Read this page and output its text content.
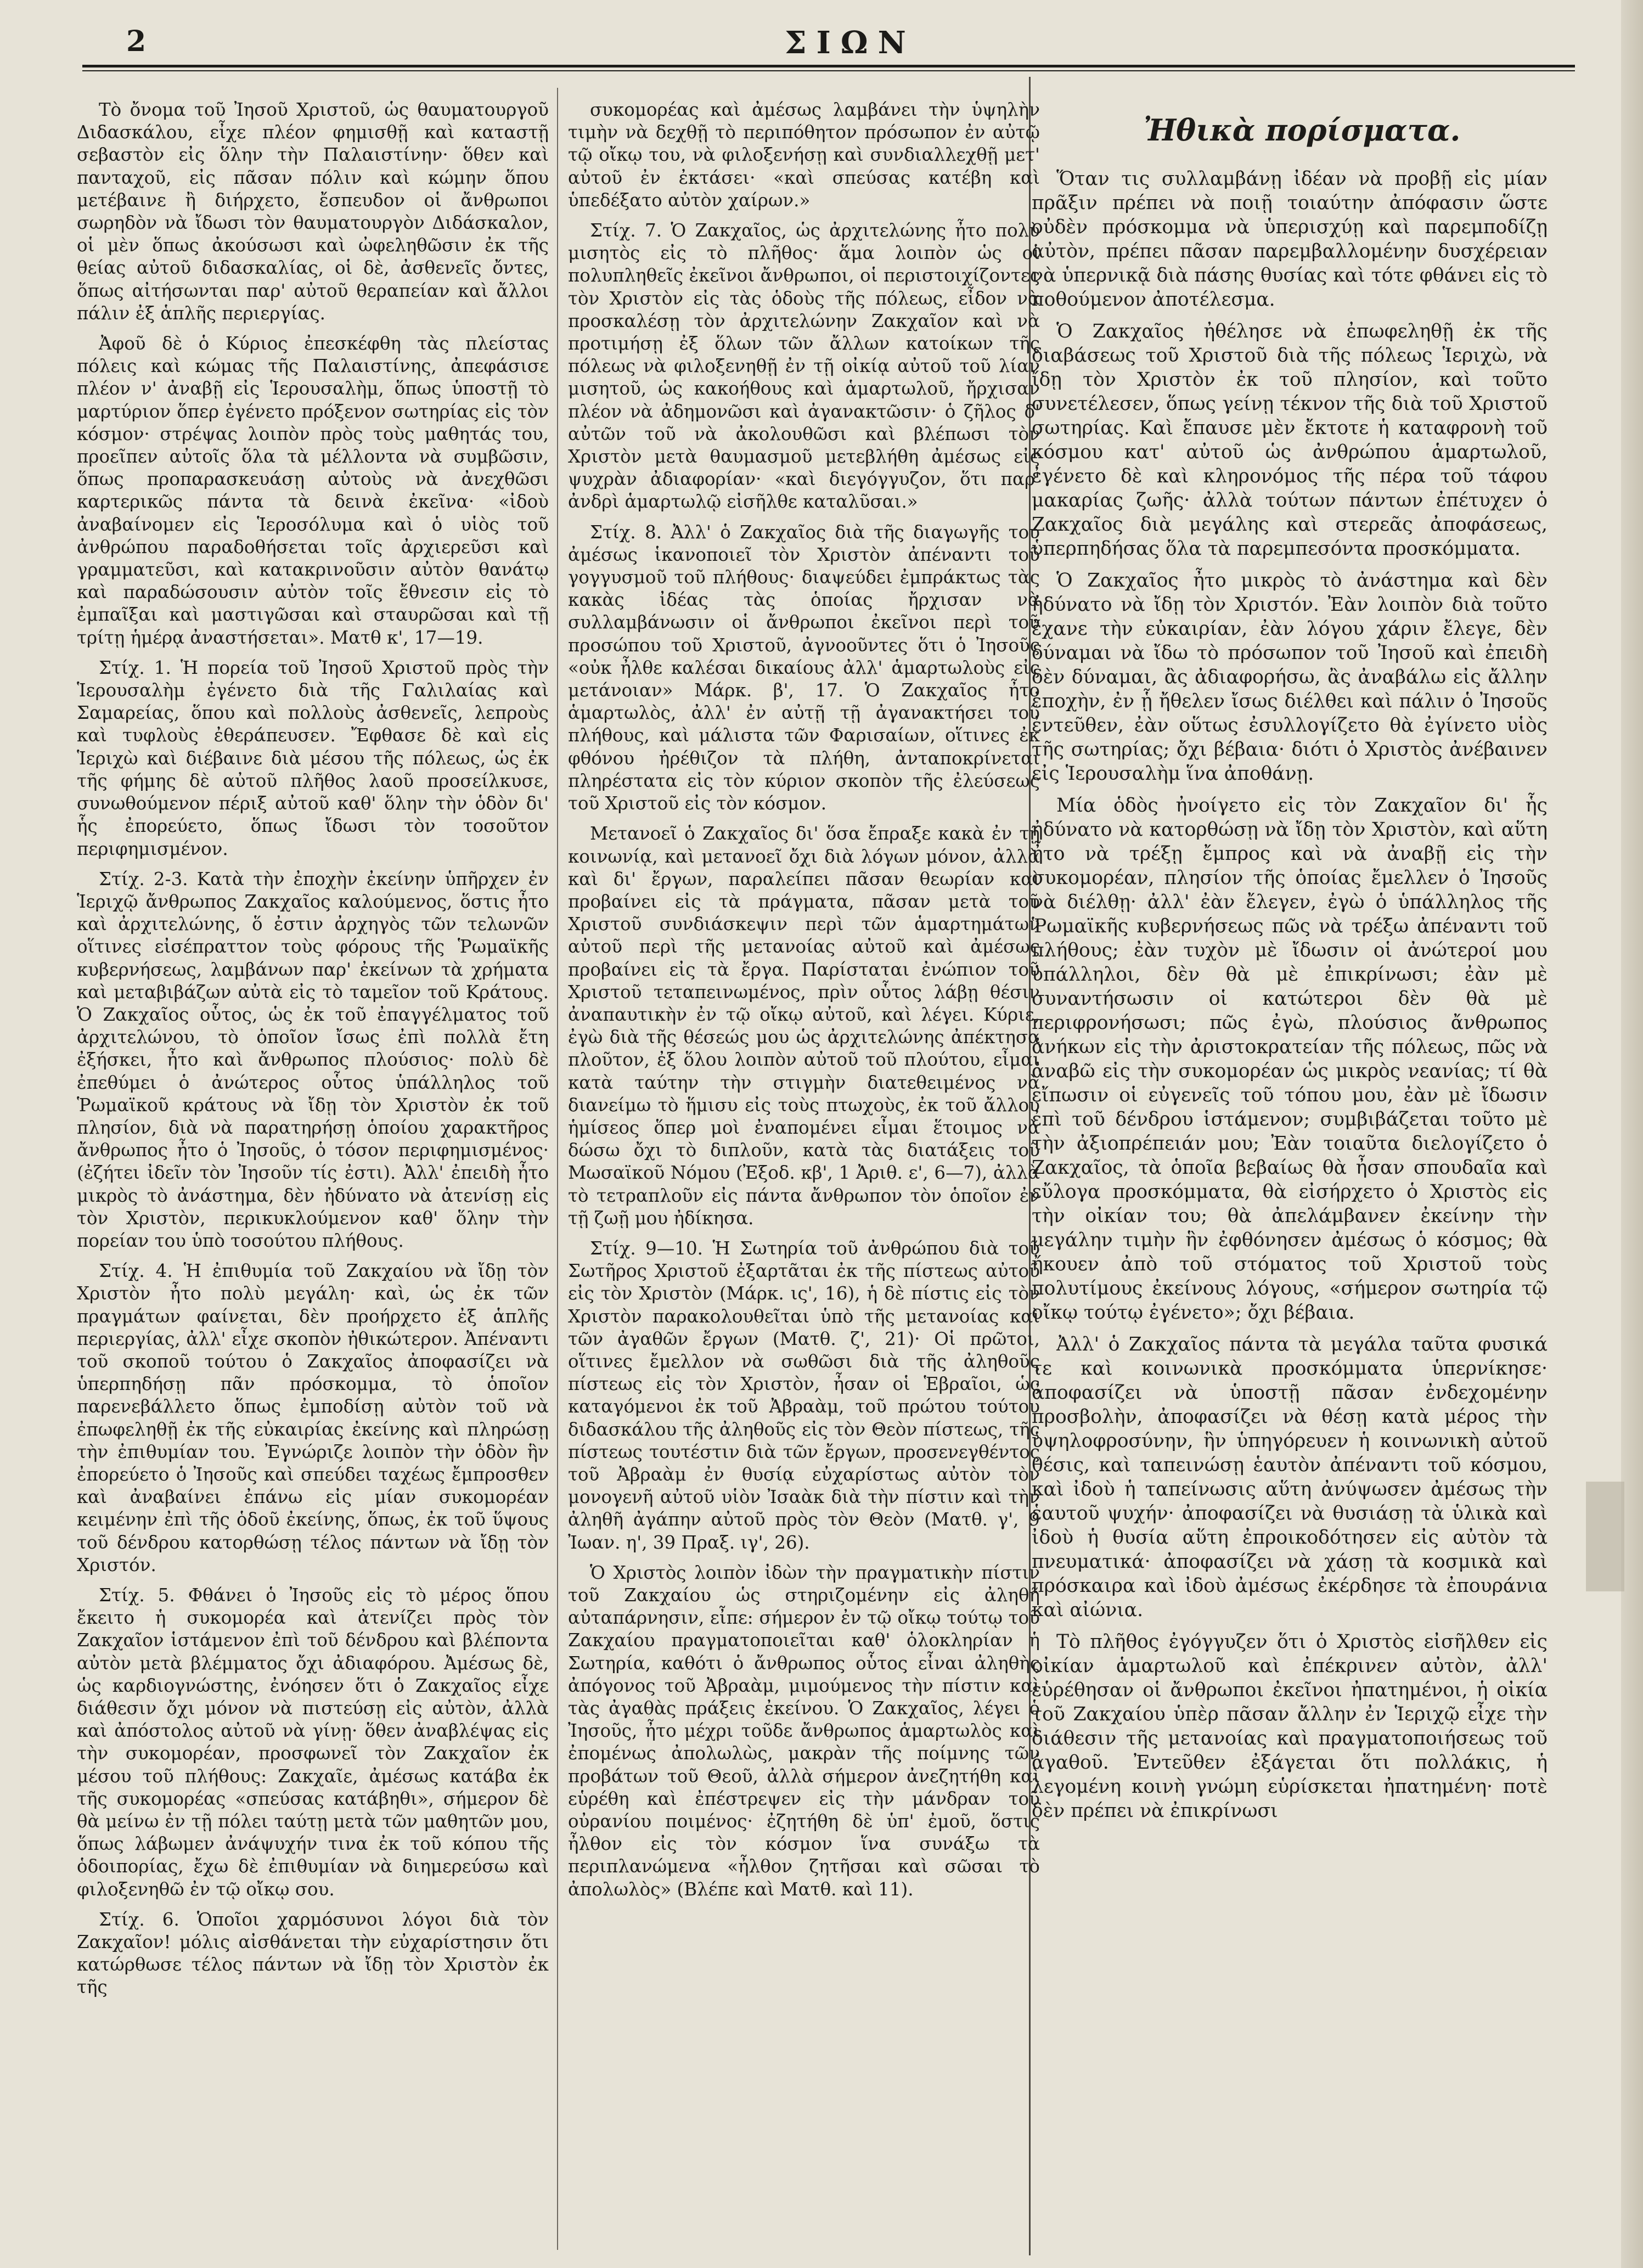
2	ΣΙΩΝ

Τὸ ὄνομα τοῦ Ἰησοῦ Χριστοῦ, ὡς θαυματουργοῦ Διδασκάλου, εἶχε πλέον φημισθῇ καὶ καταστῇ σεβαστὸν εἰς ὅλην τὴν Παλαιστίνην· ὅθεν καὶ πανταχοῦ, εἰς πᾶσαν πόλιν καὶ κώμην ὅπου μετέβαινε ἢ διήρχετο, ἔσπευδον οἱ ἄνθρωποι σωρηδὸν νὰ ἴδωσι τὸν θαυματουργὸν Διδάσκαλον, οἱ μὲν ὅπως ἀκούσωσι καὶ ὠφεληθῶσιν ἐκ τῆς θείας αὐτοῦ διδασκαλίας, οἱ δὲ, ἀσθενεῖς ὄντες, ὅπως αἰτήσωνται παρ' αὐτοῦ θεραπείαν καὶ ἄλλοι πάλιν ἐξ ἁπλῆς περιεργίας.

Ἀφοῦ δὲ ὁ Κύριος ἐπεσκέφθη τὰς πλείστας πόλεις καὶ κώμας τῆς Παλαιστίνης, ἀπεφάσισε πλέον ν' ἀναβῇ εἰς Ἱερουσαλὴμ, ὅπως ὑποστῇ τὸ μαρτύριον ὅπερ ἐγένετο πρόξενον σωτηρίας εἰς τὸν κόσμον· στρέψας λοιπὸν πρὸς τοὺς μαθητάς του, προεῖπεν αὐτοῖς ὅλα τὰ μέλλοντα νὰ συμβῶσιν, ὅπως προπαρασκευάσῃ αὐτοὺς νὰ ἀνεχθῶσι καρτερικῶς πάντα τὰ δεινὰ ἐκεῖνα· «ἰδοὺ ἀναβαίνομεν εἰς Ἱεροσόλυμα καὶ ὁ υἱὸς τοῦ ἀνθρώπου παραδοθήσεται τοῖς ἀρχιερεῦσι καὶ γραμματεῦσι, καὶ κατακρινοῦσιν αὐτὸν θανάτῳ καὶ παραδώσουσιν αὐτὸν τοῖς ἔθνεσιν εἰς τὸ ἐμπαῖξαι καὶ μαστιγῶσαι καὶ σταυρῶσαι καὶ τῇ τρίτῃ ἡμέρᾳ ἀναστήσεται». Ματθ κ', 17—19.

Στίχ. 1. Ἡ πορεία τοῦ Ἰησοῦ Χριστοῦ πρὸς τὴν Ἱερουσαλὴμ ἐγένετο διὰ τῆς Γαλιλαίας καὶ Σαμαρείας, ὅπου καὶ πολλοὺς ἀσθενεῖς, λεπροὺς καὶ τυφλοὺς ἐθεράπευσεν. Ἔφθασε δὲ καὶ εἰς Ἱεριχὼ καὶ διέβαινε διὰ μέσου τῆς πόλεως, ὡς ἐκ τῆς φήμης δὲ αὐτοῦ πλῆθος λαοῦ προσείλκυσε, συνωθούμενον πέριξ αὐτοῦ καθ' ὅλην τὴν ὁδὸν δι' ἧς ἐπορεύετο, ὅπως ἴδωσι τὸν τοσοῦτον περιφημισμένον.

Στίχ. 2-3. Κατὰ τὴν ἐποχὴν ἐκείνην ὑπῆρχεν ἐν Ἱεριχῷ ἄνθρωπος Ζακχαῖος καλούμενος, ὅστις ἦτο καὶ ἀρχιτελώνης, ὅ ἐστιν ἀρχηγὸς τῶν τελωνῶν οἵτινες εἰσέπραττον τοὺς φόρους τῆς Ῥωμαϊκῆς κυβερνήσεως, λαμβάνων παρ' ἐκείνων τὰ χρήματα καὶ μεταβιβάζων αὐτὰ εἰς τὸ ταμεῖον τοῦ Κράτους. Ὁ Ζακχαῖος οὗτος, ὡς ἐκ τοῦ ἐπαγγέλματος τοῦ ἀρχιτελώνου, τὸ ὁποῖον ἴσως ἐπὶ πολλὰ ἔτη ἐξήσκει, ἦτο καὶ ἄνθρωπος πλούσιος· πολὺ δὲ ἐπεθύμει ὁ ἀνώτερος οὗτος ὑπάλληλος τοῦ Ῥωμαϊκοῦ κράτους νὰ ἴδῃ τὸν Χριστὸν ἐκ τοῦ πλησίον, διὰ νὰ παρατηρήσῃ ὁποίου χαρακτῆρος ἄνθρωπος ἦτο ὁ Ἰησοῦς, ὁ τόσον περιφημισμένος· (ἐζήτει ἰδεῖν τὸν Ἰησοῦν τίς ἐστι). Ἀλλ' ἐπειδὴ ἦτο μικρὸς τὸ ἀνάστημα, δὲν ἠδύνατο νὰ ἀτενίσῃ εἰς τὸν Χριστὸν, περικυκλούμενον καθ' ὅλην τὴν πορείαν του ὑπὸ τοσούτου πλήθους.

Στίχ. 4. Ἡ ἐπιθυμία τοῦ Ζακχαίου νὰ ἴδῃ τὸν Χριστὸν ἦτο πολὺ μεγάλη· καὶ, ὡς ἐκ τῶν πραγμάτων φαίνεται, δὲν προήρχετο ἐξ ἁπλῆς περιεργίας, ἀλλ' εἶχε σκοπὸν ἠθικώτερον. Ἀπέναντι τοῦ σκοποῦ τούτου ὁ Ζακχαῖος ἀποφασίζει νὰ ὑπερπηδήσῃ πᾶν πρόσκομμα, τὸ ὁποῖον παρενεβάλλετο ὅπως ἐμποδίσῃ αὐτὸν τοῦ νὰ ἐπωφεληθῇ ἐκ τῆς εὐκαιρίας ἐκείνης καὶ πληρώσῃ τὴν ἐπιθυμίαν του. Ἐγνώριζε λοιπὸν τὴν ὁδὸν ἣν ἐπορεύετο ὁ Ἰησοῦς καὶ σπεύδει ταχέως ἔμπροσθεν καὶ ἀναβαίνει ἐπάνω εἰς μίαν συκομορέαν κειμένην ἐπὶ τῆς ὁδοῦ ἐκείνης, ὅπως, ἐκ τοῦ ὕψους τοῦ δένδρου κατορθώσῃ τέλος πάντων νὰ ἴδῃ τὸν Χριστόν.

Στίχ. 5. Φθάνει ὁ Ἰησοῦς εἰς τὸ μέρος ὅπου ἔκειτο ἡ συκομορέα καὶ ἀτενίζει πρὸς τὸν Ζακχαῖον ἱστάμενον ἐπὶ τοῦ δένδρου καὶ βλέποντα αὐτὸν μετὰ βλέμματος ὄχι ἀδιαφόρου. Ἀμέσως δὲ, ὡς καρδιογνώστης, ἐνόησεν ὅτι ὁ Ζακχαῖος εἶχε διάθεσιν ὄχι μόνον νὰ πιστεύσῃ εἰς αὐτὸν, ἀλλὰ καὶ ἀπόστολος αὐτοῦ νὰ γίνῃ· ὅθεν ἀναβλέψας εἰς τὴν συκομορέαν, προσφωνεῖ τὸν Ζακχαῖον ἐκ μέσου τοῦ πλήθους: Ζακχαῖε, ἀμέσως κατάβα ἐκ τῆς συκομορέας «σπεύσας κατάβηθι», σήμερον δὲ θὰ μείνω ἐν τῇ πόλει ταύτῃ μετὰ τῶν μαθητῶν μου, ὅπως λάβωμεν ἀνάψυχήν τινα ἐκ τοῦ κόπου τῆς ὁδοιπορίας, ἔχω δὲ ἐπιθυμίαν νὰ διημερεύσω καὶ φιλοξενηθῶ ἐν τῷ οἴκῳ σου.

Στίχ. 6. Ὁποῖοι χαρμόσυνοι λόγοι διὰ τὸν Ζακχαῖον! μόλις αἰσθάνεται τὴν εὐχαρίστησιν ὅτι κατώρθωσε τέλος πάντων νὰ ἴδῃ τὸν Χριστὸν ἐκ τῆς

συκομορέας καὶ ἀμέσως λαμβάνει τὴν ὑψηλὴν τιμὴν νὰ δεχθῇ τὸ περιπόθητον πρόσωπον ἐν αὐτῷ τῷ οἴκῳ του, νὰ φιλοξενήσῃ καὶ συνδιαλλεχθῇ μετ' αὐτοῦ ἐν ἐκτάσει· «καὶ σπεύσας κατέβη καὶ ὑπεδέξατο αὐτὸν χαίρων.»

Στίχ. 7. Ὁ Ζακχαῖος, ὡς ἀρχιτελώνης ἦτο πολὺ μισητὸς εἰς τὸ πλῆθος· ἅμα λοιπὸν ὡς οἱ πολυπληθεῖς ἐκεῖνοι ἄνθρωποι, οἱ περιστοιχίζοντες τὸν Χριστὸν εἰς τὰς ὁδοὺς τῆς πόλεως, εἶδον νὰ προσκαλέσῃ τὸν ἀρχιτελώνην Ζακχαῖον καὶ νὰ προτιμήσῃ ἐξ ὅλων τῶν ἄλλων κατοίκων τῆς πόλεως νὰ φιλοξενηθῇ ἐν τῇ οἰκίᾳ αὐτοῦ τοῦ λίαν μισητοῦ, ὡς κακοήθους καὶ ἁμαρτωλοῦ, ἤρχισαν πλέον νὰ ἀδημονῶσι καὶ ἀγανακτῶσιν· ὁ ζῆλος δ' αὐτῶν τοῦ νὰ ἀκολουθῶσι καὶ βλέπωσι τὸν Χριστὸν μετὰ θαυμασμοῦ μετεβλήθη ἀμέσως εἰς ψυχρὰν ἀδιαφορίαν· «καὶ διεγόγγυζον, ὅτι παρ' ἀνδρὶ ἁμαρτωλῷ εἰσῆλθε καταλῦσαι.»

Στίχ. 8. Ἀλλ' ὁ Ζακχαῖος διὰ τῆς διαγωγῆς του ἀμέσως ἱκανοποιεῖ τὸν Χριστὸν ἀπέναντι τοῦ γογγυσμοῦ τοῦ πλήθους· διαψεύδει ἐμπράκτως τὰς κακὰς ἰδέας τὰς ὁποίας ἤρχισαν νὰ συλλαμβάνωσιν οἱ ἄνθρωποι ἐκεῖνοι περὶ τοῦ προσώπου τοῦ Χριστοῦ, ἀγνοοῦντες ὅτι ὁ Ἰησοῦς «οὐκ ἦλθε καλέσαι δικαίους ἀλλ' ἁμαρτωλοὺς εἰς μετάνοιαν» Μάρκ. β', 17. Ὁ Ζακχαῖος ἦτο ἁμαρτωλὸς, ἀλλ' ἐν αὐτῇ τῇ ἀγανακτήσει τοῦ πλήθους, καὶ μάλιστα τῶν Φαρισαίων, οἵτινες ἐκ φθόνου ἠρέθιζον τὰ πλήθη, ἀνταποκρίνεται πληρέστατα εἰς τὸν κύριον σκοπὸν τῆς ἐλεύσεως τοῦ Χριστοῦ εἰς τὸν κόσμον.

Μετανοεῖ ὁ Ζακχαῖος δι' ὅσα ἔπραξε κακὰ ἐν τῇ κοινωνίᾳ, καὶ μετανοεῖ ὄχι διὰ λόγων μόνον, ἀλλὰ καὶ δι' ἔργων, παραλείπει πᾶσαν θεωρίαν καὶ προβαίνει εἰς τὰ πράγματα, πᾶσαν μετὰ τοῦ Χριστοῦ συνδιάσκεψιν περὶ τῶν ἁμαρτημάτων αὐτοῦ περὶ τῆς μετανοίας αὐτοῦ καὶ ἀμέσως προβαίνει εἰς τὰ ἔργα. Παρίσταται ἐνώπιον τοῦ Χριστοῦ τεταπεινωμένος, πρὶν οὗτος λάβῃ θέσιν ἀναπαυτικὴν ἐν τῷ οἴκῳ αὐτοῦ, καὶ λέγει. Κύριε, ἐγὼ διὰ τῆς θέσεώς μου ὡς ἀρχιτελώνης ἀπέκτησα πλοῦτον, ἐξ ὅλου λοιπὸν αὐτοῦ τοῦ πλούτου, εἶμαι κατὰ ταύτην τὴν στιγμὴν διατεθειμένος νὰ διανείμω τὸ ἥμισυ εἰς τοὺς πτωχοὺς, ἐκ τοῦ ἄλλου ἡμίσεος ὅπερ μοὶ ἐναπομένει εἶμαι ἕτοιμος νὰ δώσω ὄχι τὸ διπλοῦν, κατὰ τὰς διατάξεις τοῦ Μωσαϊκοῦ Νόμου (Ἐξοδ. κβ', 1 Ἀριθ. ε', 6—7), ἀλλὰ τὸ τετραπλοῦν εἰς πάντα ἄνθρωπον τὸν ὁποῖον ἐν τῇ ζωῇ μου ἠδίκησα.

Στίχ. 9—10. Ἡ Σωτηρία τοῦ ἀνθρώπου διὰ τοῦ Σωτῆρος Χριστοῦ ἐξαρτᾶται ἐκ τῆς πίστεως αὐτοῦ εἰς τὸν Χριστὸν (Μάρκ. ις', 16), ἡ δὲ πίστις εἰς τὸν Χριστὸν παρακολουθεῖται ὑπὸ τῆς μετανοίας καὶ τῶν ἀγαθῶν ἔργων (Ματθ. ζ', 21)· Οἱ πρῶτοι, οἵτινες ἔμελλον νὰ σωθῶσι διὰ τῆς ἀληθοῦς πίστεως εἰς τὸν Χριστὸν, ἦσαν οἱ Ἑβραῖοι, ὡς καταγόμενοι ἐκ τοῦ Ἀβραὰμ, τοῦ πρώτου τούτου διδασκάλου τῆς ἀληθοῦς εἰς τὸν Θεὸν πίστεως, τῆς πίστεως τουτέστιν διὰ τῶν ἔργων, προσενεγθέντος τοῦ Ἀβραὰμ ἐν θυσίᾳ εὐχαρίστως αὐτὸν τὸν μονογενῆ αὐτοῦ υἱὸν Ἰσαὰκ διὰ τὴν πίστιν καὶ τὴν ἀληθῆ ἀγάπην αὐτοῦ πρὸς τὸν Θεὸν (Ματθ. γ', 9 Ἰωαν. η', 39 Πραξ. ιγ', 26).

Ὁ Χριστὸς λοιπὸν ἰδὼν τὴν πραγματικὴν πίστιν τοῦ Ζακχαίου ὡς στηριζομένην εἰς ἀληθῆ αὐταπάρνησιν, εἶπε: σήμερον ἐν τῷ οἴκῳ τούτῳ τοῦ Ζακχαίου πραγματοποιεῖται καθ' ὁλοκληρίαν ἡ Σωτηρία, καθότι ὁ ἄνθρωπος οὗτος εἶναι ἀληθὴς ἀπόγονος τοῦ Ἀβραὰμ, μιμούμενος τὴν πίστιν καὶ τὰς ἀγαθὰς πράξεις ἐκείνου. Ὁ Ζακχαῖος, λέγει ὁ Ἰησοῦς, ἦτο μέχρι τοῦδε ἄνθρωπος ἁμαρτωλὸς καὶ ἐπομένως ἀπολωλὼς, μακρὰν τῆς ποίμνης τῶν προβάτων τοῦ Θεοῦ, ἀλλὰ σήμερον ἀνεζητήθη καὶ εὑρέθη καὶ ἐπέστρεψεν εἰς τὴν μάνδραν τοῦ οὐρανίου ποιμένος· ἐζητήθη δὲ ὑπ' ἐμοῦ, ὅστις ἦλθον εἰς τὸν κόσμον ἵνα συνάξω τὰ περιπλανώμενα «ἦλθον ζητῆσαι καὶ σῶσαι τὸ ἀπολωλὸς» (Βλέπε καὶ Ματθ. καὶ 11).

Ἠθικὰ πορίσματα.

Ὅταν τις συλλαμβάνῃ ἰδέαν νὰ προβῇ εἰς μίαν πρᾶξιν πρέπει νὰ ποιῇ τοιαύτην ἀπόφασιν ὥστε οὐδὲν πρόσκομμα νὰ ὑπερισχύῃ καὶ παρεμποδίζῃ αὐτὸν, πρέπει πᾶσαν παρεμβαλλομένην δυσχέρειαν νὰ ὑπερνικᾷ διὰ πάσης θυσίας καὶ τότε φθάνει εἰς τὸ ποθούμενον ἀποτέλεσμα.

Ὁ Ζακχαῖος ἠθέλησε νὰ ἐπωφεληθῇ ἐκ τῆς διαβάσεως τοῦ Χριστοῦ διὰ τῆς πόλεως Ἱεριχὼ, νὰ ἴδῃ τὸν Χριστὸν ἐκ τοῦ πλησίον, καὶ τοῦτο συνετέλεσεν, ὅπως γείνῃ τέκνον τῆς διὰ τοῦ Χριστοῦ σωτηρίας. Καὶ ἔπαυσε μὲν ἔκτοτε ἡ καταφρονὴ τοῦ κόσμου κατ' αὐτοῦ ὡς ἀνθρώπου ἁμαρτωλοῦ, ἐγένετο δὲ καὶ κληρονόμος τῆς πέρα τοῦ τάφου μακαρίας ζωῆς· ἀλλὰ τούτων πάντων ἐπέτυχεν ὁ Ζακχαῖος διὰ μεγάλης καὶ στερεᾶς ἀποφάσεως, ὑπερπηδήσας ὅλα τὰ παρεμπεσόντα προσκόμματα.

Ὁ Ζακχαῖος ἦτο μικρὸς τὸ ἀνάστημα καὶ δὲν ἠδύνατο νὰ ἴδῃ τὸν Χριστόν. Ἐὰν λοιπὸν διὰ τοῦτο ἔχανε τὴν εὐκαιρίαν, ἐὰν λόγου χάριν ἔλεγε, δὲν δύναμαι νὰ ἴδω τὸ πρόσωπον τοῦ Ἰησοῦ καὶ ἐπειδὴ δὲν δύναμαι, ἂς ἀδιαφορήσω, ἂς ἀναβάλω εἰς ἄλλην ἐποχὴν, ἐν ᾗ ἤθελεν ἴσως διέλθει καὶ πάλιν ὁ Ἰησοῦς ἐντεῦθεν, ἐὰν οὕτως ἐσυλλογίζετο θὰ ἐγίνετο υἱὸς τῆς σωτηρίας; ὄχι βέβαια· διότι ὁ Χριστὸς ἀνέβαινεν εἰς Ἱερουσαλὴμ ἵνα ἀποθάνῃ.

Μία ὁδὸς ἠνοίγετο εἰς τὸν Ζακχαῖον δι' ἧς ἠδύνατο νὰ κατορθώσῃ νὰ ἴδῃ τὸν Χριστὸν, καὶ αὕτη ἦτο νὰ τρέξῃ ἔμπρος καὶ νὰ ἀναβῇ εἰς τὴν συκομορέαν, πλησίον τῆς ὁποίας ἔμελλεν ὁ Ἰησοῦς νὰ διέλθῃ· ἀλλ' ἐὰν ἔλεγεν, ἐγὼ ὁ ὑπάλληλος τῆς Ῥωμαϊκῆς κυβερνήσεως πῶς νὰ τρέξω ἀπέναντι τοῦ πλήθους; ἐὰν τυχὸν μὲ ἴδωσιν οἱ ἀνώτεροί μου ὑπάλληλοι, δὲν θὰ μὲ ἐπικρίνωσι; ἐὰν μὲ συναντήσωσιν οἱ κατώτεροι δὲν θὰ μὲ περιφρονήσωσι; πῶς ἐγὼ, πλούσιος ἄνθρωπος ἀνήκων εἰς τὴν ἀριστοκρατείαν τῆς πόλεως, πῶς νὰ ἀναβῶ εἰς τὴν συκομορέαν ὡς μικρὸς νεανίας; τί θὰ εἴπωσιν οἱ εὐγενεῖς τοῦ τόπου μου, ἐὰν μὲ ἴδωσιν ἐπὶ τοῦ δένδρου ἱστάμενον; συμβιβάζεται τοῦτο μὲ τὴν ἀξιοπρέπειάν μου; Ἐὰν τοιαῦτα διελογίζετο ὁ Ζακχαῖος, τὰ ὁποῖα βεβαίως θὰ ἦσαν σπουδαῖα καὶ εὔλογα προσκόμματα, θὰ εἰσήρχετο ὁ Χριστὸς εἰς τὴν οἰκίαν του; θὰ ἀπελάμβανεν ἐκείνην τὴν μεγάλην τιμὴν ἣν ἐφθόνησεν ἀμέσως ὁ κόσμος; θὰ ἤκουεν ἀπὸ τοῦ στόματος τοῦ Χριστοῦ τοὺς πολυτίμους ἐκείνους λόγους, «σήμερον σωτηρία τῷ οἴκῳ τούτῳ ἐγένετο»; ὄχι βέβαια.

Ἀλλ' ὁ Ζακχαῖος πάντα τὰ μεγάλα ταῦτα φυσικά τε καὶ κοινωνικὰ προσκόμματα ὑπερνίκησε· ἀποφασίζει νὰ ὑποστῇ πᾶσαν ἐνδεχομένην προσβολὴν, ἀποφασίζει νὰ θέσῃ κατὰ μέρος τὴν ὑψηλοφροσύνην, ἣν ὑπηγόρευεν ἡ κοινωνικὴ αὐτοῦ θέσις, καὶ ταπεινώσῃ ἑαυτὸν ἀπέναντι τοῦ κόσμου, καὶ ἰδοὺ ἡ ταπείνωσις αὕτη ἀνύψωσεν ἀμέσως τὴν ἑαυτοῦ ψυχήν· ἀποφασίζει νὰ θυσιάσῃ τὰ ὑλικὰ καὶ ἰδοὺ ἡ θυσία αὕτη ἐπροικοδότησεν εἰς αὐτὸν τὰ πνευματικά· ἀποφασίζει νὰ χάσῃ τὰ κοσμικὰ καὶ πρόσκαιρα καὶ ἰδοὺ ἀμέσως ἐκέρδησε τὰ ἐπουράνια καὶ αἰώνια.

Τὸ πλῆθος ἐγόγγυζεν ὅτι ὁ Χριστὸς εἰσῆλθεν εἰς οἰκίαν ἁμαρτωλοῦ καὶ ἐπέκρινεν αὐτὸν, ἀλλ' εὑρέθησαν οἱ ἄνθρωποι ἐκεῖνοι ἠπατημένοι, ἡ οἰκία τοῦ Ζακχαίου ὑπὲρ πᾶσαν ἄλλην ἐν Ἱεριχῷ εἶχε τὴν διάθεσιν τῆς μετανοίας καὶ πραγματοποιήσεως τοῦ ἀγαθοῦ. Ἐντεῦθεν ἐξάγεται ὅτι πολλάκις, ἡ λεγομένη κοινὴ γνώμη εὑρίσκεται ἠπατημένη· ποτὲ δὲν πρέπει νὰ ἐπικρίνωσι
